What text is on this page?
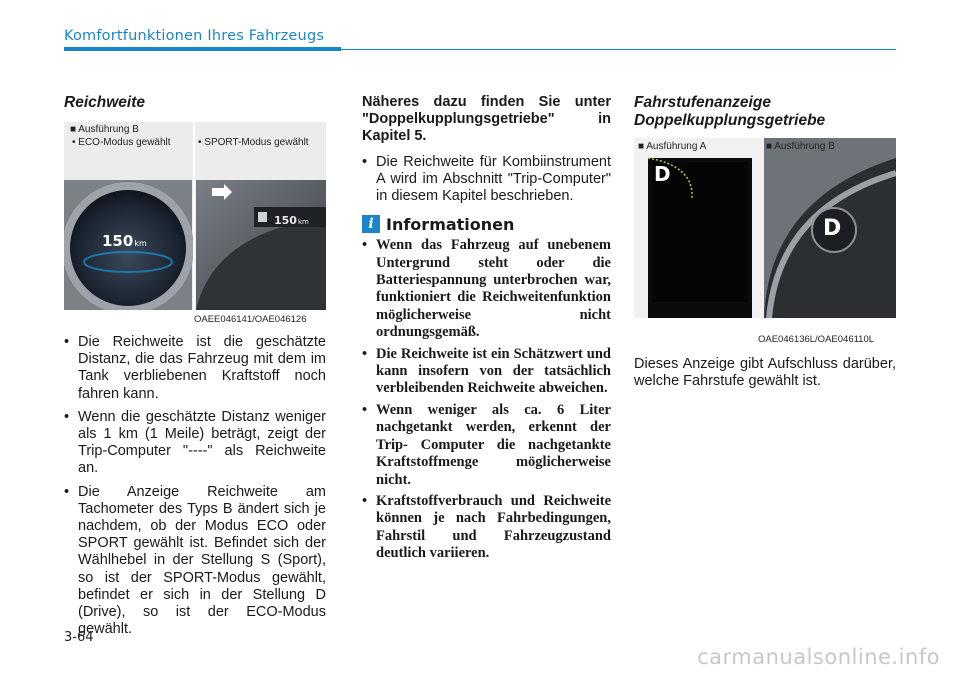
Komfortfunktionen Ihres Fahrzeugs

Reichweite

■ Ausführung B
• ECO-Modus gewählt	• SPORT-Modus gewählt
150km
150km
OAEE046141/OAE046126
• Die Reichweite ist die geschätzte Distanz, die das Fahrzeug mit dem im Tank verbliebenen Kraftstoff noch fahren kann.
• Wenn die geschätzte Distanz weniger als 1 km (1 Meile) beträgt, zeigt der Trip-Computer "----" als Reichweite an.
• Die Anzeige Reichweite am Tachometer des Typs B ändert sich je nachdem, ob der Modus ECO oder SPORT gewählt ist. Befindet sich der Wählhebel in der Stellung S (Sport), so ist der SPORT-Modus gewählt, befindet er sich in der Stellung D (Drive), so ist der ECO-Modus gewählt.

Näheres dazu finden Sie unter "Doppelkupplungsgetriebe" in Kapitel 5.

• Die Reichweite für Kombiinstrument A wird im Abschnitt "Trip-Computer" in diesem Kapitel beschrieben.
i Informationen
• Wenn das Fahrzeug auf unebenem Untergrund steht oder die Batteriespannung unterbrochen war, funktioniert die Reichweitenfunktion möglicherweise nicht ordnungsgemäß.
• Die Reichweite ist ein Schätzwert und kann insofern von der tatsächlich verbleibenden Reichweite abweichen.
• Wenn weniger als ca. 6 Liter nachgetankt werden, erkennt der Trip- Computer die nachgetankte Kraftstoffmenge möglicherweise nicht.
• Kraftstoffverbrauch und Reichweite können je nach Fahrbedingungen, Fahrstil und Fahrzeugzustand deutlich variieren.

Fahrstufenanzeige

Doppelkupplungsgetriebe

■ Ausführung A	■ Ausführung B
D
D
OAE046136L/OAE046110L

Dieses Anzeige gibt Aufschluss darüber, welche Fahrstufe gewählt ist.

3-64
carmanualsonline.info
